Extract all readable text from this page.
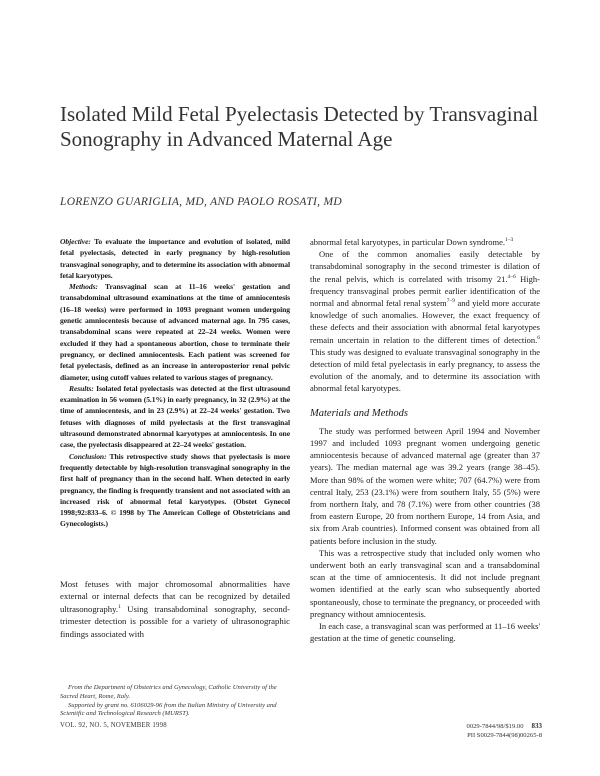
Isolated Mild Fetal Pyelectasis Detected by Transvaginal Sonography in Advanced Maternal Age
LORENZO GUARIGLIA, MD, AND PAOLO ROSATI, MD

Objective: To evaluate the importance and evolution of isolated, mild fetal pyelectasis, detected in early pregnancy by high-resolution transvaginal sonography, and to determine its association with abnormal fetal karyotypes.

Methods: Transvaginal scan at 11–16 weeks' gestation and transabdominal ultrasound examinations at the time of amniocentesis (16–18 weeks) were performed in 1093 pregnant women undergoing genetic amniocentesis because of advanced maternal age. In 795 cases, transabdominal scans were repeated at 22–24 weeks. Women were excluded if they had a spontaneous abortion, chose to terminate their pregnancy, or declined amniocentesis. Each patient was screened for fetal pyelectasis, defined as an increase in anteroposterior renal pelvic diameter, using cutoff values related to various stages of pregnancy.

Results: Isolated fetal pyelectasis was detected at the first ultrasound examination in 56 women (5.1%) in early pregnancy, in 32 (2.9%) at the time of amniocentesis, and in 23 (2.9%) at 22–24 weeks' gestation. Two fetuses with diagnoses of mild pyelectasis at the first transvaginal ultrasound demonstrated abnormal karyotypes at amniocentesis. In one case, the pyelectasis disappeared at 22–24 weeks' gestation.

Conclusion: This retrospective study shows that pyelectasis is more frequently detectable by high-resolution transvaginal sonography in the first half of pregnancy than in the second half. When detected in early pregnancy, the finding is frequently transient and not associated with an increased risk of abnormal fetal karyotypes. (Obstet Gynecol 1998;92:833–6. © 1998 by The American College of Obstetricians and Gynecologists.)

Most fetuses with major chromosomal abnormalities have external or internal defects that can be recognized by detailed ultrasonography.$^1$ Using transabdominal sonography, second-trimester detection is possible for a variety of ultrasonographic findings associated with

From the Department of Obstetrics and Gynecology, Catholic University of the Sacred Heart, Rome, Italy.

Supported by grant no. 6106029-96 from the Italian Ministry of University and Scientific and Technological Research (MURST).

abnormal fetal karyotypes, in particular Down syndrome.$^{1-3}$

One of the common anomalies easily detectable by transabdominal sonography in the second trimester is dilation of the renal pelvis, which is correlated with trisomy 21.$^{4-6}$ High-frequency transvaginal probes permit earlier identification of the normal and abnormal fetal renal system$^{7-9}$ and yield more accurate knowledge of such anomalies. However, the exact frequency of these defects and their association with abnormal fetal karyotypes remain uncertain in relation to the different times of detection.$^6$ This study was designed to evaluate transvaginal sonography in the detection of mild fetal pyelectasis in early pregnancy, to assess the evolution of the anomaly, and to determine its association with abnormal fetal karyotypes.

Materials and Methods

The study was performed between April 1994 and November 1997 and included 1093 pregnant women undergoing genetic amniocentesis because of advanced maternal age (greater than 37 years). The median maternal age was 39.2 years (range 38–45). More than 98% of the women were white; 707 (64.7%) were from central Italy, 253 (23.1%) were from southern Italy, 55 (5%) were from northern Italy, and 78 (7.1%) were from other countries (38 from eastern Europe, 20 from northern Europe, 14 from Asia, and six from Arab countries). Informed consent was obtained from all patients before inclusion in the study.

This was a retrospective study that included only women who underwent both an early transvaginal scan and a transabdominal scan at the time of amniocentesis. It did not include pregnant women identified at the early scan who subsequently aborted spontaneously, chose to terminate the pregnancy, or proceeded with pregnancy without amniocentesis.

In each case, a transvaginal scan was performed at 11–16 weeks' gestation at the time of genetic counseling.

VOL. 92, NO. 5, NOVEMBER 1998	0029-7844/98/$19.00 833
PII S0029-7844(98)00265-8
